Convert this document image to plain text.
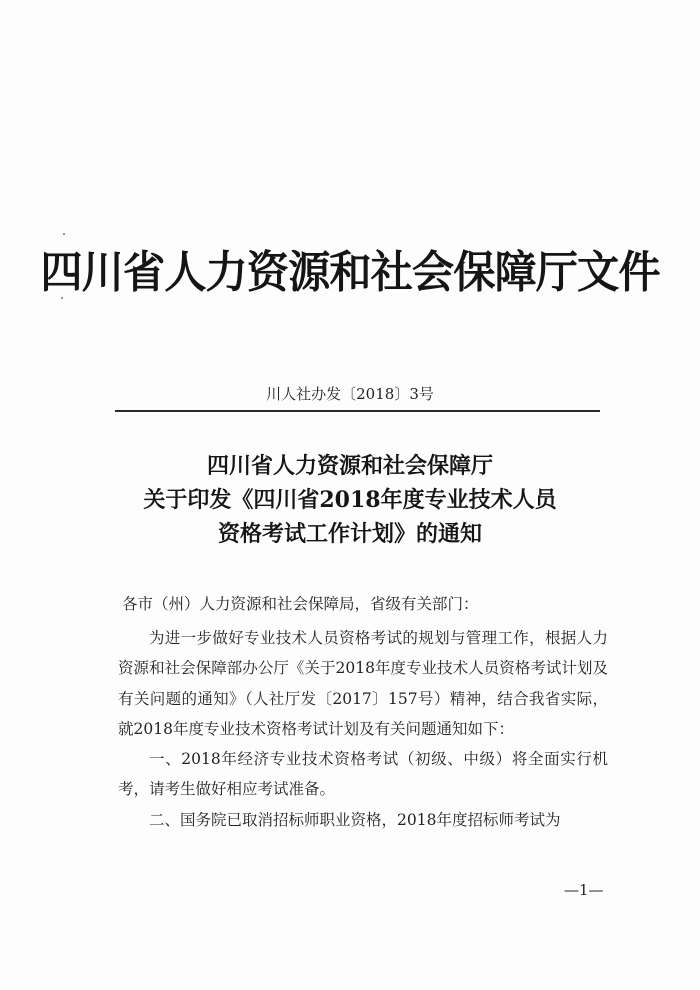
四川省人力资源和社会保障厅文件
川人社办发〔2018〕3号
四川省人力资源和社会保障厅
关于印发《四川省2018年度专业技术人员
资格考试工作计划》的通知
各市（州）人力资源和社会保障局，省级有关部门：

为进一步做好专业技术人员资格考试的规划与管理工作，根据人力资源和社会保障部办公厅《关于2018年度专业技术人员资格考试计划及有关问题的通知》（人社厅发〔2017〕157号）精神，结合我省实际，就2018年度专业技术资格考试计划及有关问题通知如下：

一、2018年经济专业技术资格考试（初级、中级）将全面实行机考，请考生做好相应考试准备。

二、国务院已取消招标师职业资格，2018年度招标师考试为

—1—
